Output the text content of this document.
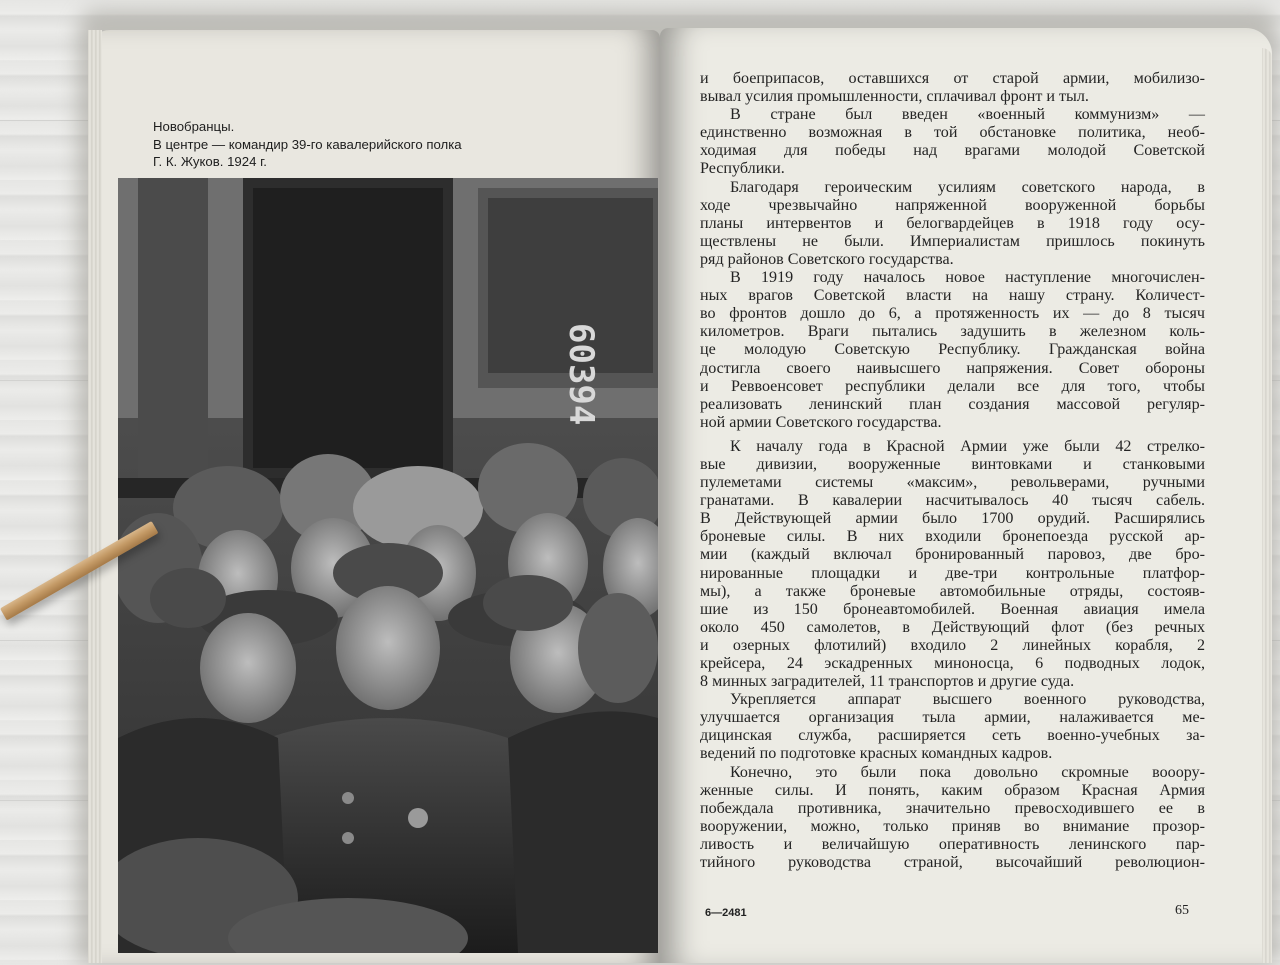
Новобранцы.
В центре — командир 39-го кавалерийского полка
Г. К. Жуков. 1924 г.
60394
и боеприпасов, оставшихся от старой армии, мобилизо-
вывал усилия промышленности, сплачивал фронт и тыл.
В стране был введен «военный коммунизм» —
единственно возможная в той обстановке политика, необ-
ходимая для победы над врагами молодой Советской
Республики.
Благодаря героическим усилиям советского народа, в
ходе чрезвычайно напряженной вооруженной борьбы
планы интервентов и белогвардейцев в 1918 году осу-
ществлены не были. Империалистам пришлось покинуть
ряд районов Советского государства.
В 1919 году началось новое наступление многочислен-
ных врагов Советской власти на нашу страну. Количест-
во фронтов дошло до 6, а протяженность их — до 8 тысяч
километров. Враги пытались задушить в железном коль-
це молодую Советскую Республику. Гражданская война
достигла своего наивысшего напряжения. Совет обороны
и Реввоенсовет республики делали все для того, чтобы
реализовать ленинский план создания массовой регуляр-
ной армии Советского государства.
К началу года в Красной Армии уже были 42 стрелко-
вые дивизии, вооруженные винтовками и станковыми
пулеметами системы «максим», револьверами, ручными
гранатами. В кавалерии насчитывалось 40 тысяч сабель.
В Действующей армии было 1700 орудий. Расширялись
броневые силы. В них входили бронепоезда русской ар-
мии (каждый включал бронированный паровоз, две бро-
нированные площадки и две-три контрольные платфор-
мы), а также броневые автомобильные отряды, состояв-
шие из 150 бронеавтомобилей. Военная авиация имела
около 450 самолетов, в Действующий флот (без речных
и озерных флотилий) входило 2 линейных корабля, 2
крейсера, 24 эскадренных миноносца, 6 подводных лодок,
8 минных заградителей, 11 транспортов и другие суда.
Укрепляется аппарат высшего военного руководства,
улучшается организация тыла армии, налаживается ме-
дицинская служба, расширяется сеть военно-учебных за-
ведений по подготовке красных командных кадров.
Конечно, это были пока довольно скромные вооору-
женные силы. И понять, каким образом Красная Армия
побеждала противника, значительно превосходившего ее в
вооружении, можно, только приняв во внимание прозор-
ливость и величайшую оперативность ленинского пар-
тийного руководства страной, высочайший революцион-
6—2481	65
